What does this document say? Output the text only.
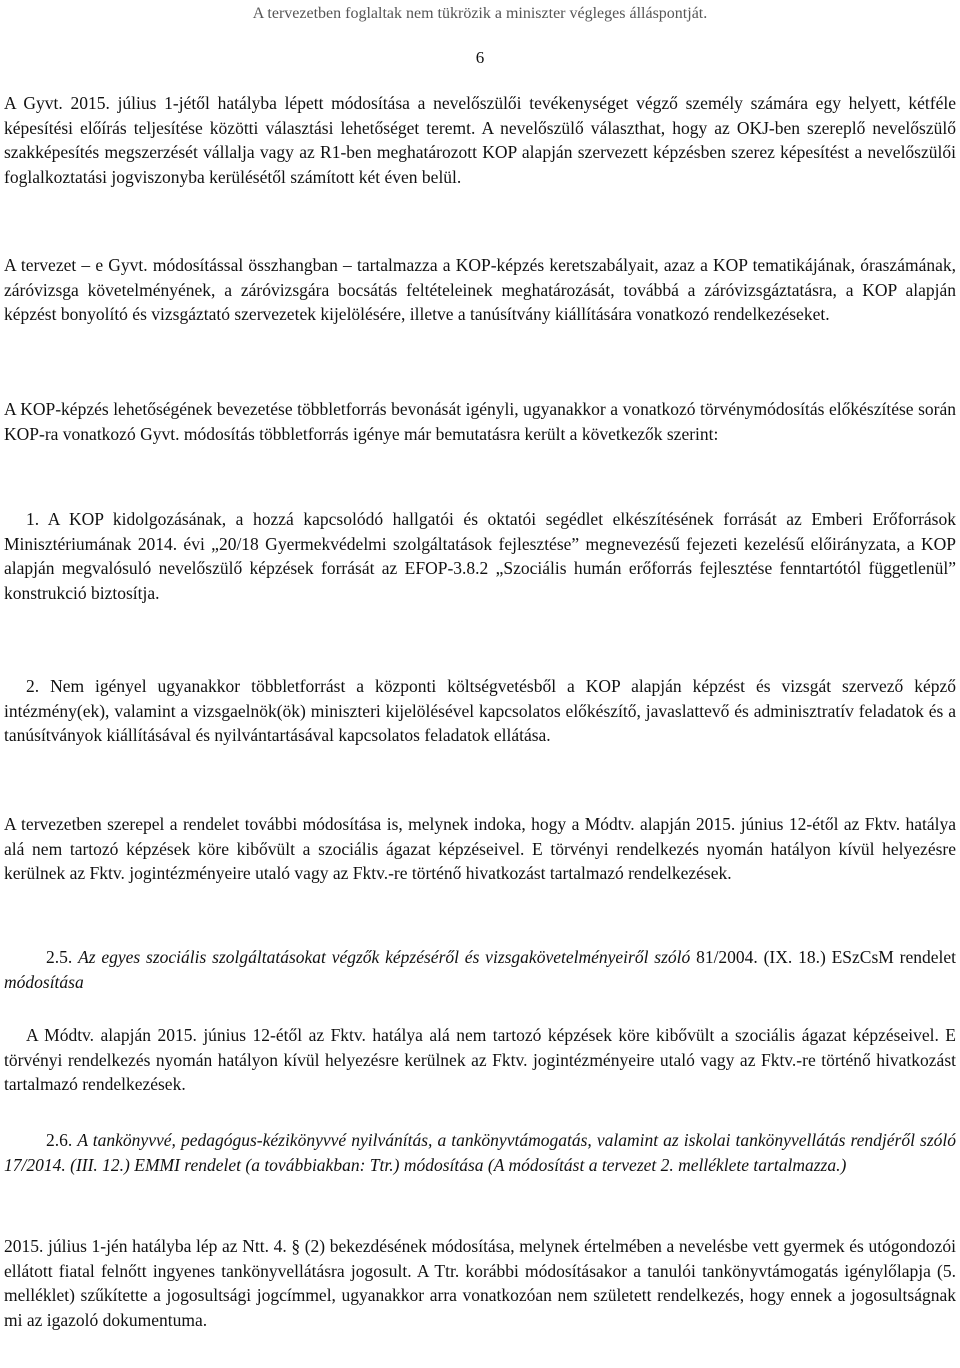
A tervezetben foglaltak nem tükrözik a miniszter végleges álláspontját.
6

A Gyvt. 2015. július 1-jétől hatályba lépett módosítása a nevelőszülői tevékenységet végző személy számára egy helyett, kétféle képesítési előírás teljesítése közötti választási lehetőséget teremt. A nevelőszülő választhat, hogy az OKJ-ben szereplő nevelőszülő szakképesítés megszerzését vállalja vagy az R1-ben meghatározott KOP alapján szervezett képzésben szerez képesítést a nevelőszülői foglalkoztatási jogviszonyba kerülésétől számított két éven belül.

A tervezet – e Gyvt. módosítással összhangban – tartalmazza a KOP-képzés keretszabályait, azaz a KOP tematikájának, óraszámának, záróvizsga követelményének, a záróvizsgára bocsátás feltételeinek meghatározását, továbbá a záróvizsgáztatásra, a KOP alapján képzést bonyolító és vizsgáztató szervezetek kijelölésére, illetve a tanúsítvány kiállítására vonatkozó rendelkezéseket.

A KOP-képzés lehetőségének bevezetése többletforrás bevonását igényli, ugyanakkor a vonatkozó törvénymódosítás előkészítése során KOP-ra vonatkozó Gyvt. módosítás többletforrás igénye már bemutatásra került a következők szerint:

1. A KOP kidolgozásának, a hozzá kapcsolódó hallgatói és oktatói segédlet elkészítésének forrását az Emberi Erőforrások Minisztériumának 2014. évi „20/18 Gyermekvédelmi szolgáltatások fejlesztése” megnevezésű fejezeti kezelésű előirányzata, a KOP alapján megvalósuló nevelőszülő képzések forrását az EFOP-3.8.2 „Szociális humán erőforrás fejlesztése fenntartótól függetlenül” konstrukció biztosítja.

2. Nem igényel ugyanakkor többletforrást a központi költségvetésből a KOP alapján képzést és vizsgát szervező képző intézmény(ek), valamint a vizsgaelnök(ök) miniszteri kijelölésével kapcsolatos előkészítő, javaslattevő és adminisztratív feladatok és a tanúsítványok kiállításával és nyilvántartásával kapcsolatos feladatok ellátása.

A tervezetben szerepel a rendelet további módosítása is, melynek indoka, hogy a Módtv. alapján 2015. június 12-étől az Fktv. hatálya alá nem tartozó képzések köre kibővült a szociális ágazat képzéseivel. E törvényi rendelkezés nyomán hatályon kívül helyezésre kerülnek az Fktv. jogintézményeire utaló vagy az Fktv.-re történő hivatkozást tartalmazó rendelkezések.

2.5. Az egyes szociális szolgáltatásokat végzők képzéséről és vizsgakövetelményeiről szóló 81/2004. (IX. 18.) ESzCsM rendelet módosítása

A Módtv. alapján 2015. június 12-étől az Fktv. hatálya alá nem tartozó képzések köre kibővült a szociális ágazat képzéseivel. E törvényi rendelkezés nyomán hatályon kívül helyezésre kerülnek az Fktv. jogintézményeire utaló vagy az Fktv.-re történő hivatkozást tartalmazó rendelkezések.

2.6. A tankönyvvé, pedagógus-kézikönyvvé nyilvánítás, a tankönyvtámogatás, valamint az iskolai tankönyvellátás rendjéről szóló 17/2014. (III. 12.) EMMI rendelet (a továbbiakban: Ttr.) módosítása (A módosítást a tervezet 2. melléklete tartalmazza.)

2015. július 1-jén hatályba lép az Ntt. 4. § (2) bekezdésének módosítása, melynek értelmében a nevelésbe vett gyermek és utógondozói ellátott fiatal felnőtt ingyenes tankönyvellátásra jogosult. A Ttr. korábbi módosításakor a tanulói tankönyvtámogatás igénylőlapja (5. melléklet) szűkítette a jogosultsági jogcímmel, ugyanakkor arra vonatkozóan nem született rendelkezés, hogy ennek a jogosultságnak mi az igazoló dokumentuma.
